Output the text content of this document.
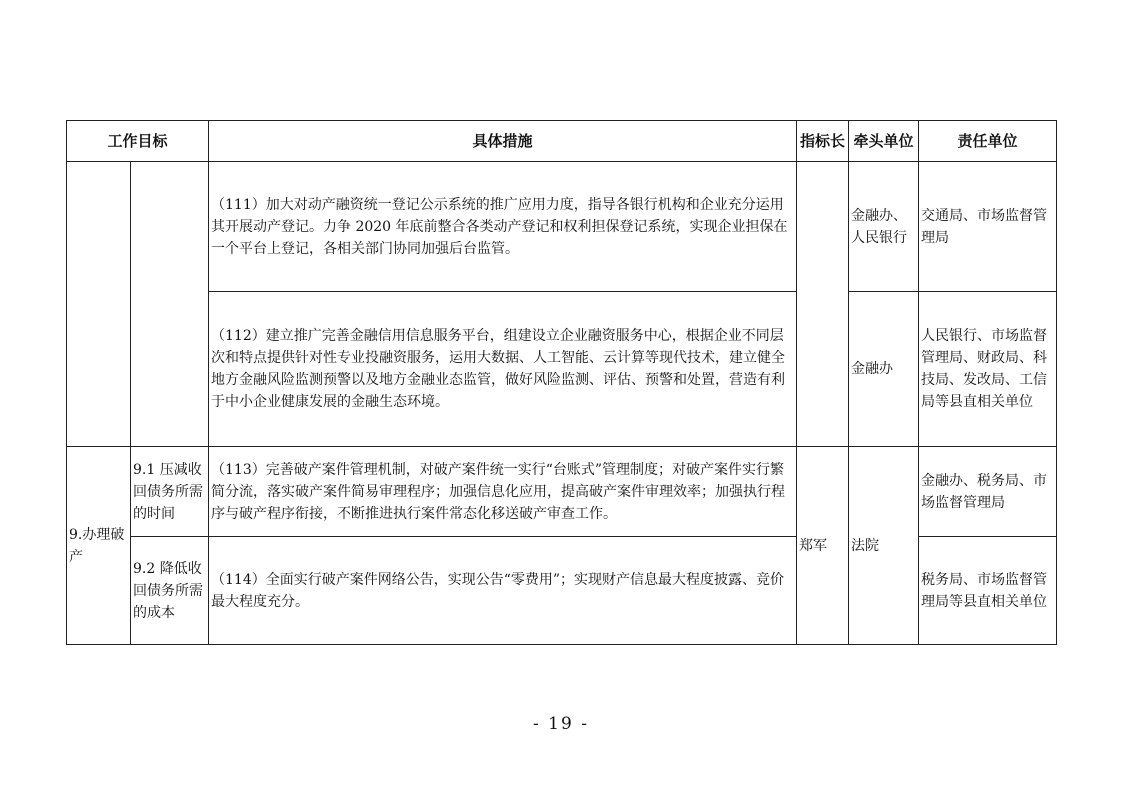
工作目标		具体措施	指标长	牵头单位	责任单位
		（111）加大对动产融资统一登记公示系统的推广应用力度，指导各银行机构和企业充分运用其开展动产登记。力争 2020 年底前整合各类动产登记和权利担保登记系统，实现企业担保在一个平台上登记，各相关部门协同加强后台监管。		金融办、人民银行	交通局、市场监督管理局
		（112）建立推广完善金融信用信息服务平台，组建设立企业融资服务中心，根据企业不同层次和特点提供针对性专业投融资服务，运用大数据、人工智能、云计算等现代技术，建立健全地方金融风险监测预警以及地方金融业态监管，做好风险监测、评估、预警和处置，营造有利于中小企业健康发展的金融生态环境。		金融办	人民银行、市场监督管理局、财政局、科技局、发改局、工信局等县直相关单位
9.办理破产	9.1 压减收回债务所需的时间	（113）完善破产案件管理机制，对破产案件统一实行“台账式”管理制度；对破产案件实行繁简分流，落实破产案件简易审理程序；加强信息化应用，提高破产案件审理效率；加强执行程序与破产程序衔接，不断推进执行案件常态化移送破产审查工作。	郑军	法院	金融办、税务局、市场监督管理局
	9.2 降低收回债务所需的成本	（114）全面实行破产案件网络公告，实现公告“零费用”；实现财产信息最大程度披露、竞价最大程度充分。			税务局、市场监督管理局等县直相关单位
- 19 -
